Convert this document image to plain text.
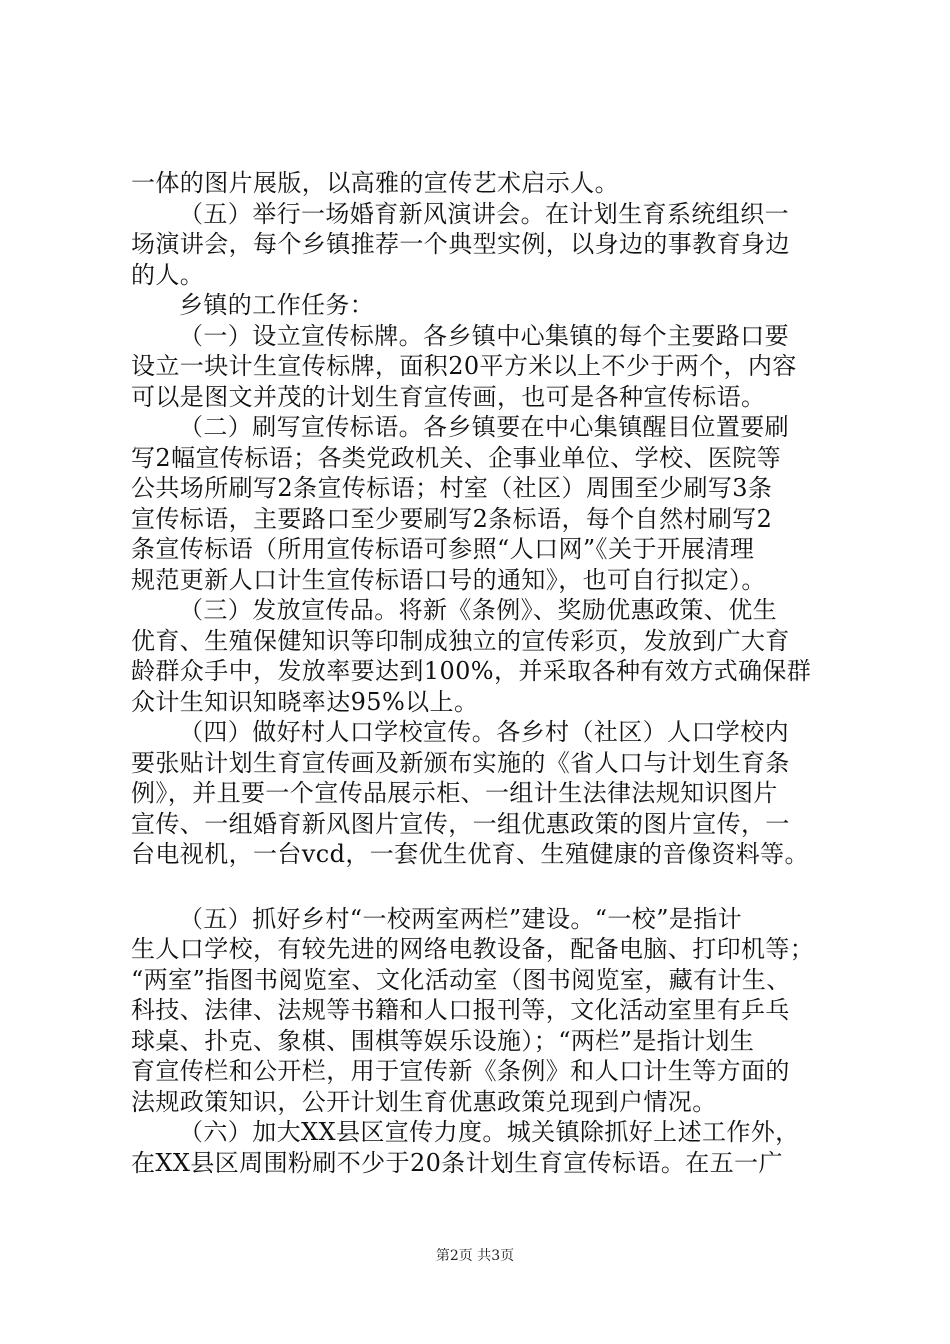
一体的图片展版，以高雅的宣传艺术启示人。
（五）举行一场婚育新风演讲会。在计划生育系统组织一
场演讲会，每个乡镇推荐一个典型实例，以身边的事教育身边
的人。
乡镇的工作任务：
（一）设立宣传标牌。各乡镇中心集镇的每个主要路口要
设立一块计生宣传标牌，面积20平方米以上不少于两个，内容
可以是图文并茂的计划生育宣传画，也可是各种宣传标语。
（二）刷写宣传标语。各乡镇要在中心集镇醒目位置要刷
写2幅宣传标语；各类党政机关、企事业单位、学校、医院等
公共场所刷写2条宣传标语；村室（社区）周围至少刷写3条
宣传标语，主要路口至少要刷写2条标语，每个自然村刷写2
条宣传标语（所用宣传标语可参照“人口网”《关于开展清理
规范更新人口计生宣传标语口号的通知》，也可自行拟定）。
（三）发放宣传品。将新《条例》、奖励优惠政策、优生
优育、生殖保健知识等印制成独立的宣传彩页，发放到广大育
龄群众手中，发放率要达到100%，并采取各种有效方式确保群
众计生知识知晓率达95%以上。
（四）做好村人口学校宣传。各乡村（社区）人口学校内
要张贴计划生育宣传画及新颁布实施的《省人口与计划生育条
例》，并且要一个宣传品展示柜、一组计生法律法规知识图片
宣传、一组婚育新风图片宣传，一组优惠政策的图片宣传，一
台电视机，一台vcd，一套优生优育、生殖健康的音像资料等。
（五）抓好乡村“一校两室两栏”建设。“一校”是指计
生人口学校，有较先进的网络电教设备，配备电脑、打印机等；
“两室”指图书阅览室、文化活动室（图书阅览室，藏有计生、
科技、法律、法规等书籍和人口报刊等，文化活动室里有乒乓
球桌、扑克、象棋、围棋等娱乐设施）；“两栏”是指计划生
育宣传栏和公开栏，用于宣传新《条例》和人口计生等方面的
法规政策知识，公开计划生育优惠政策兑现到户情况。
（六）加大XX县区宣传力度。城关镇除抓好上述工作外，
在XX县区周围粉刷不少于20条计划生育宣传标语。在五一广
第2页 共3页
